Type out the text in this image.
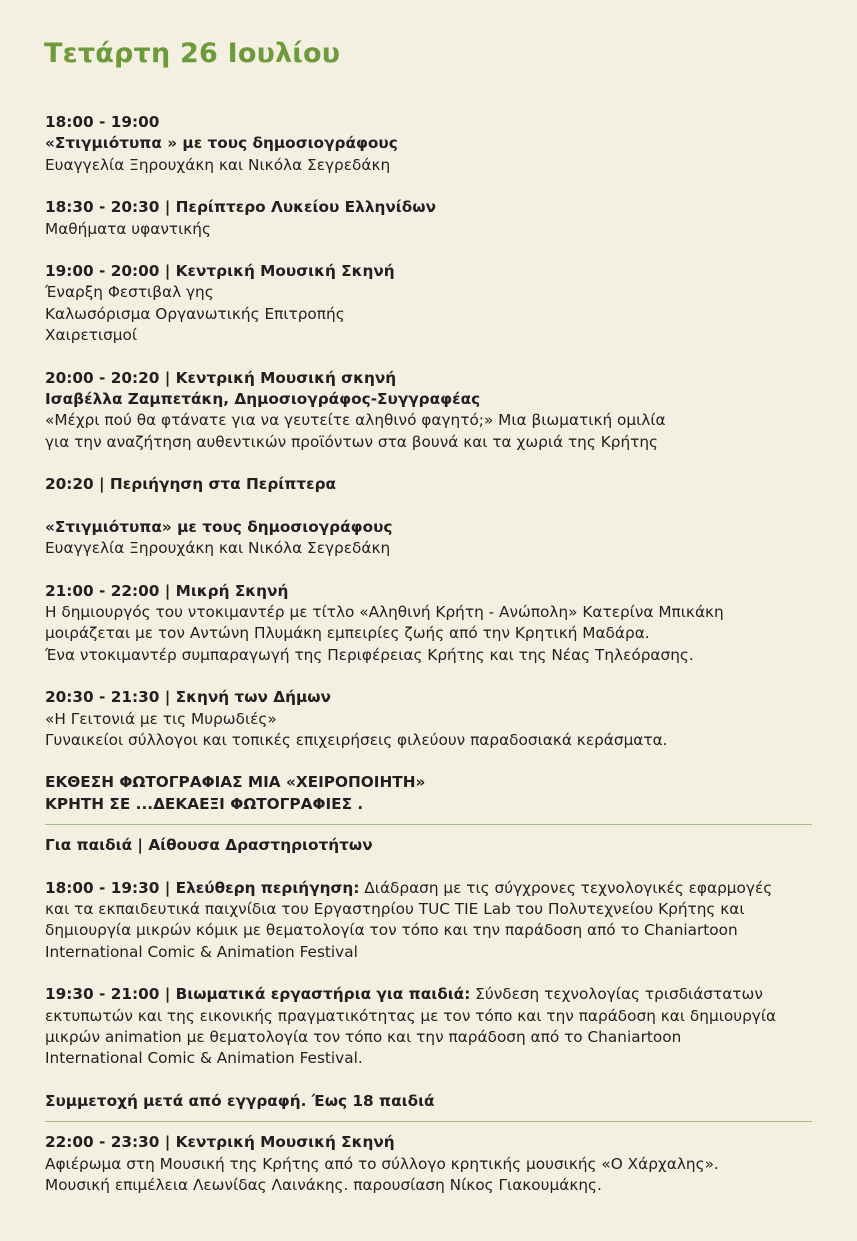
Τετάρτη 26 Ιουλίου
18:00 - 19:00
«Στιγμιότυπα » με τους δημοσιογράφους
Ευαγγελία Ξηρουχάκη και Νικόλα Σεγρεδάκη
18:30 - 20:30 | Περίπτερο Λυκείου Ελληνίδων
Μαθήματα υφαντικής
19:00 - 20:00 | Κεντρική Μουσική Σκηνή
Έναρξη Φεστιβαλ γης
Καλωσόρισμα Οργανωτικής Επιτροπής
Χαιρετισμοί
20:00 - 20:20 | Κεντρική Μουσική σκηνή
Ισαβέλλα Ζαμπετάκη, Δημοσιογράφος-Συγγραφέας
«Μέχρι πού θα φτάνατε για να γευτείτε αληθινό φαγητό;» Μια βιωματική ομιλία
για την αναζήτηση αυθεντικών προϊόντων στα βουνά και τα χωριά της Κρήτης
20:20 | Περιήγηση στα Περίπτερα
«Στιγμιότυπα» με τους δημοσιογράφους
Ευαγγελία Ξηρουχάκη και Νικόλα Σεγρεδάκη
21:00 - 22:00 | Μικρή Σκηνή
Η δημιουργός του ντοκιμαντέρ με τίτλο «Αληθινή Κρήτη - Ανώπολη» Κατερίνα Μπικάκη
μοιράζεται με τον Αντώνη Πλυμάκη εμπειρίες ζωής από την Κρητική Μαδάρα.
Ένα ντοκιμαντέρ συμπαραγωγή της Περιφέρειας Κρήτης και της Νέας Τηλεόρασης.
20:30 - 21:30 | Σκηνή των Δήμων
«Η Γειτονιά με τις Μυρωδιές»
Γυναικείοι σύλλογοι και τοπικές επιχειρήσεις φιλεύουν παραδοσιακά κεράσματα.
ΕΚΘΕΣΗ ΦΩΤΟΓΡΑΦΙΑΣ ΜΙΑ «ΧΕΙΡΟΠΟΙΗΤΗ»
ΚΡΗΤΗ ΣΕ ...ΔΕΚΑΕΞΙ ΦΩΤΟΓΡΑΦΙΕΣ .
Για παιδιά | Αίθουσα Δραστηριοτήτων
18:00 - 19:30 | Ελεύθερη περιήγηση: Διάδραση με τις σύγχρονες τεχνολογικές εφαρμογές
και τα εκπαιδευτικά παιχνίδια του Εργαστηρίου TUC TIE Lab του Πολυτεχνείου Κρήτης και
δημιουργία μικρών κόμικ με θεματολογία τον τόπο και την παράδοση από το Chaniartoon
International Comic & Animation Festival
19:30 - 21:00 | Βιωματικά εργαστήρια για παιδιά: Σύνδεση τεχνολογίας τρισδιάστατων
εκτυπωτών και της εικονικής πραγματικότητας με τον τόπο και την παράδοση και δημιουργία
μικρών animation με θεματολογία τον τόπο και την παράδοση από το Chaniartoon
International Comic & Animation Festival.
Συμμετοχή μετά από εγγραφή. Έως 18 παιδιά
22:00 - 23:30 | Κεντρική Μουσική Σκηνή
Αφιέρωμα στη Μουσική της Κρήτης από το σύλλογο κρητικής μουσικής «Ο Χάρχαλης».
Μουσική επιμέλεια Λεωνίδας Λαινάκης. παρουσίαση Νίκος Γιακουμάκης.
